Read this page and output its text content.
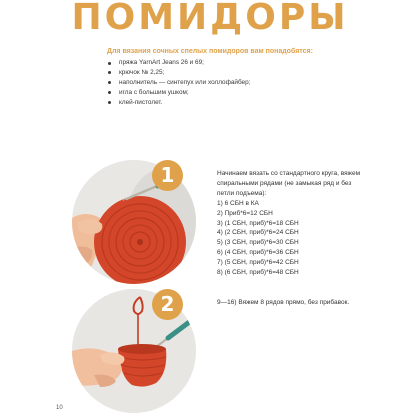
ПОМИДОРЫ
Для вязания сочных спелых помидоров вам понадобятся:
пряжа YarnArt Jeans 26 и 69;
крючок № 2,25;
наполнитель — синтепух или холлофайбер;
игла с большим ушком;
клей-пистолет.
1	Начинаем вязать со стандартного круга, вяжем спиральными рядами (не замыкая ряд и без петли подъема):

1) 6 СБН в КА
2) Приб*6=12 СБН
3) (1 СБН, приб)*6=18 СБН
4) (2 СБН, приб)*6=24 СБН
5) (3 СБН, приб)*6=30 СБН
6) (4 СБН, приб)*6=36 СБН
7) (5 СБН, приб)*6=42 СБН
8) (6 СБН, приб)*6=48 СБН
2	9—16) Вяжем 8 рядов прямо, без прибавок.
10
